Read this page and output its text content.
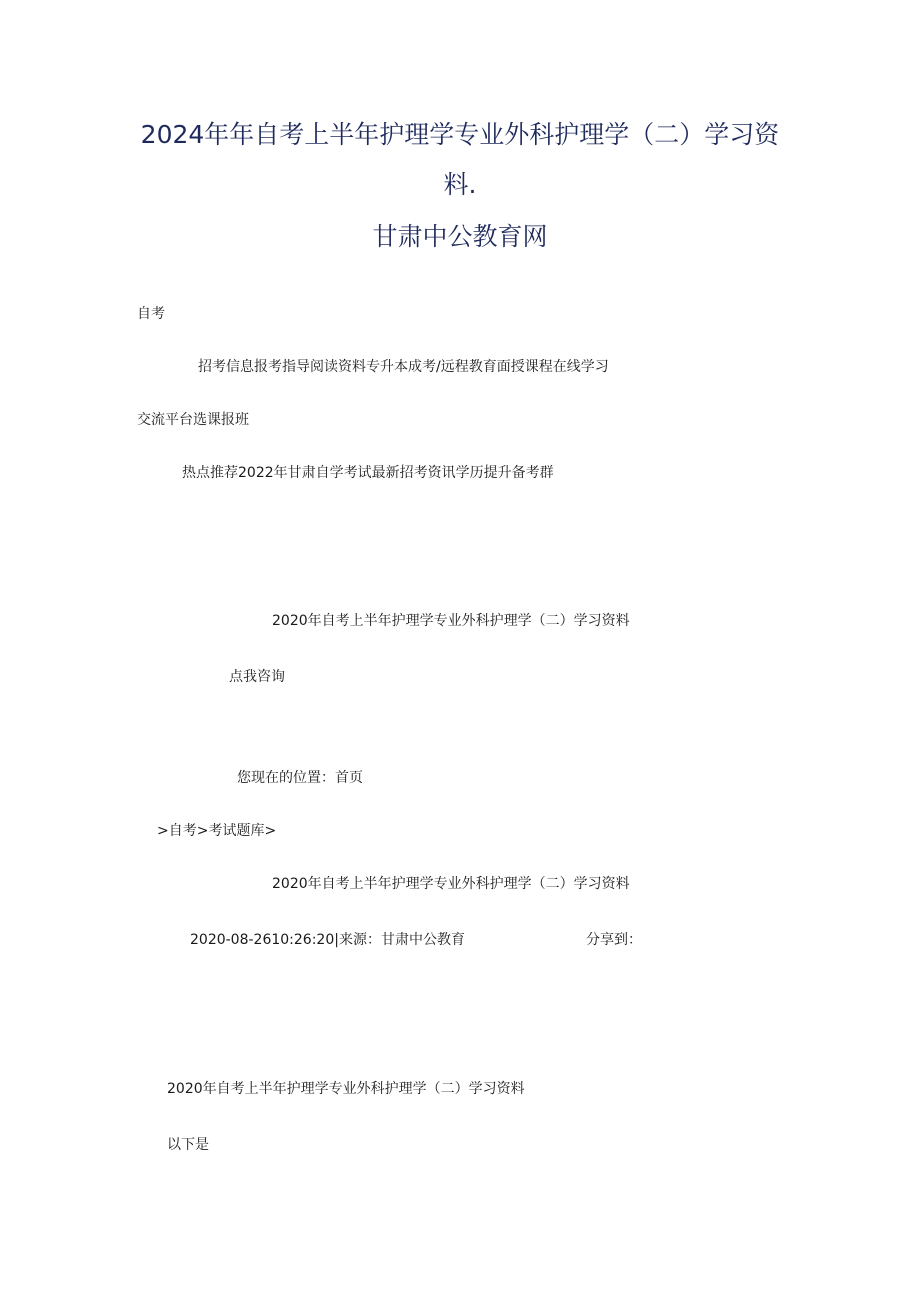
2024年年自考上半年护理学专业外科护理学（二）学习资
料.
甘肃中公教育网
自考
招考信息报考指导阅读资料专升本成考/远程教育面授课程在线学习
交流平台选课报班
热点推荐2022年甘肃自学考试最新招考资讯学历提升备考群
2020年自考上半年护理学专业外科护理学（二）学习资料
点我咨询
您现在的位置：首页
>自考>考试题库>
2020年自考上半年护理学专业外科护理学（二）学习资料
2020-08-2610:26:20|来源：甘肃中公教育	分享到：
2020年自考上半年护理学专业外科护理学（二）学习资料
以下是
